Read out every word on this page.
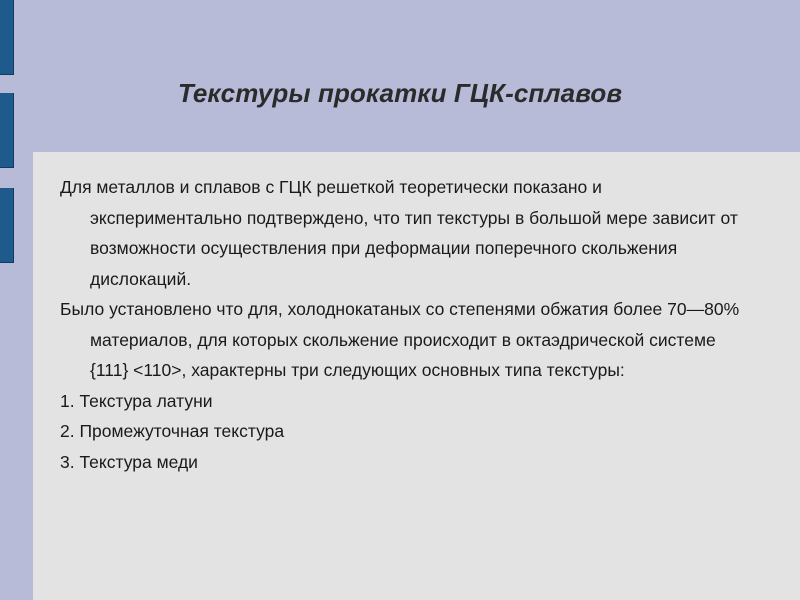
Текстуры прокатки ГЦК-сплавов

Для металлов и сплавов с ГЦК решеткой теоретически показано и экспериментально подтверждено, что тип текстуры в большой мере зависит от возможности осуществления при деформации поперечного скольжения дислокаций.

Было установлено что для, холоднокатаных со степенями обжатия более 70—80% материалов, для которых скольжение происходит в октаэдрической системе {111} <110>, характерны три следующих основных типа текстуры:

1. Текстура латуни

2. Промежуточная текстура

3. Текстура меди
